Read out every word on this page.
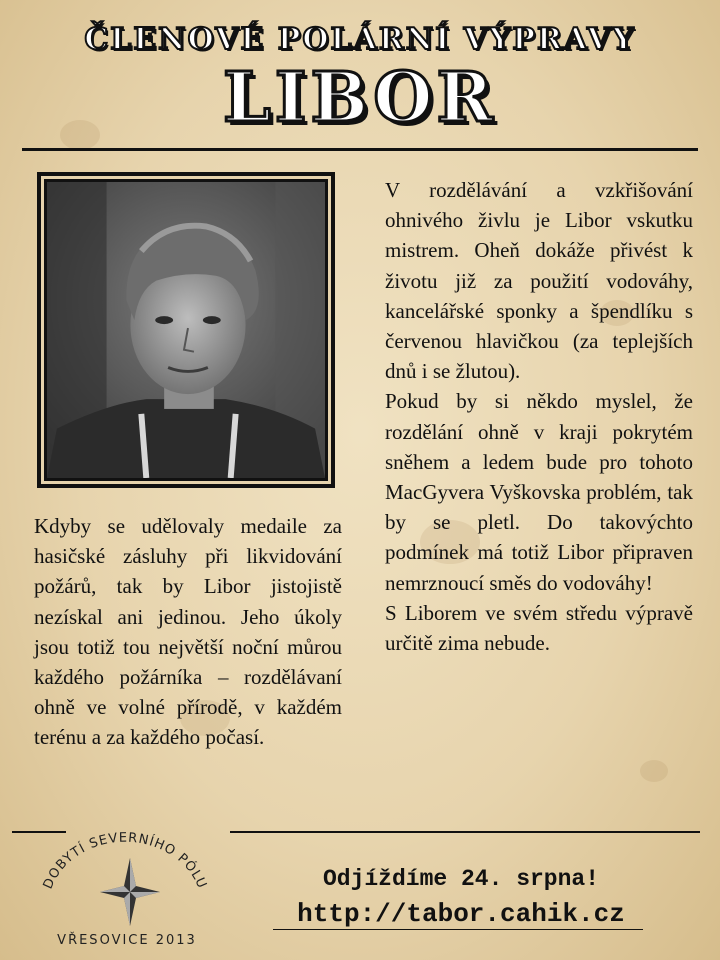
ČLENOVÉ POLÁRNÍ VÝPRAVY
LIBOR

Kdyby se udělovaly medaile za hasičské zásluhy při likvidování požárů, tak by Libor jistojistě nezískal ani jedinou. Jeho úkoly jsou totiž tou největší noční můrou každého požárníka – rozdělávaní ohně ve volné přírodě, v každém terénu a za každého počasí.

V rozdělávání a vzkřišování ohnivého živlu je Libor vskutku mistrem. Oheň dokáže přivést k životu již za použití vodováhy, kancelářské sponky a špendlíku s červenou hlavičkou (za teplejších dnů i se žlutou).

Pokud by si někdo myslel, že rozdělání ohně v kraji pokrytém sněhem a ledem bude pro tohoto MacGyvera Vyškovska problém, tak by se pletl. Do takovýchto podmínek má totiž Libor připraven nemrznoucí směs do vodováhy!

S Liborem ve svém středu výpravě určitě zima nebude.

DOBYTÍ SEVERNÍHO PÓLU
VŘESOVICE 2013
Odjíždíme 24. srpna!
http://tabor.cahik.cz
